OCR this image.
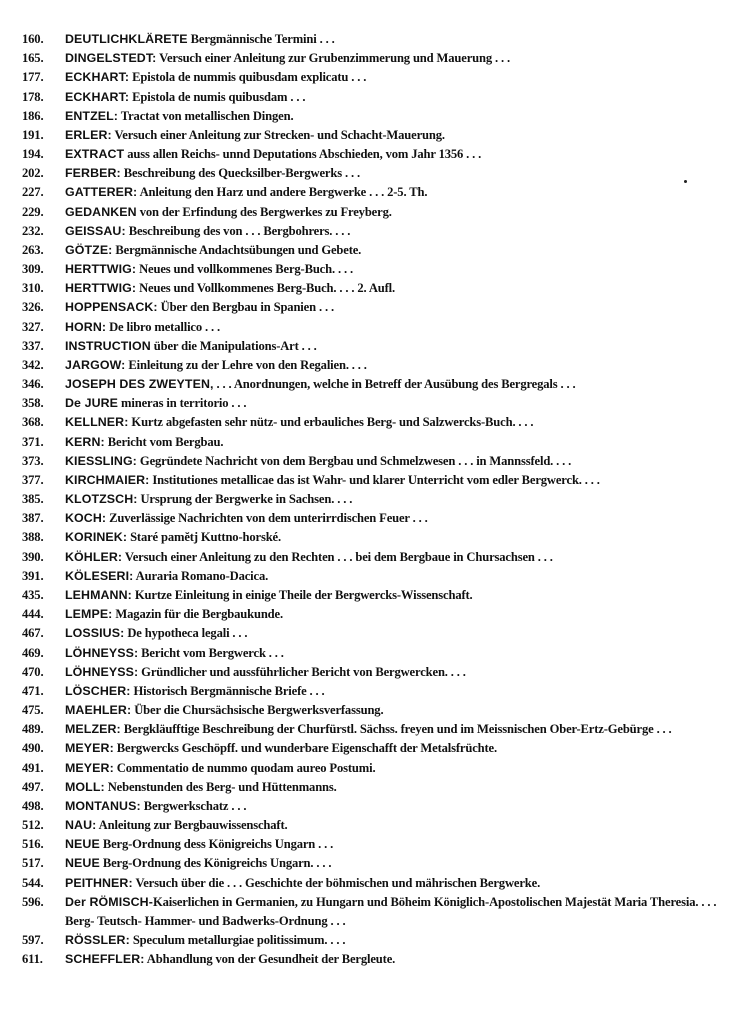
160.	DEUTLICHKLÄRETE Bergmännische Termini . . .
165.	DINGELSTEDT: Versuch einer Anleitung zur Grubenzimmerung und Mauerung . . .
177.	ECKHART: Epistola de nummis quibusdam explicatu . . .
178.	ECKHART: Epistola de numis quibusdam . . .
186.	ENTZEL: Tractat von metallischen Dingen.
191.	ERLER: Versuch einer Anleitung zur Strecken- und Schacht-Mauerung.
194.	EXTRACT auss allen Reichs- unnd Deputations Abschieden, vom Jahr 1356 . . .
202.	FERBER: Beschreibung des Quecksilber-Bergwerks . . .
227.	GATTERER: Anleitung den Harz und andere Bergwerke . . . 2-5. Th.
229.	GEDANKEN von der Erfindung des Bergwerkes zu Freyberg.
232.	GEISSAU: Beschreibung des von . . . Bergbohrers. . . .
263.	GÖTZE: Bergmännische Andachtsübungen und Gebete.
309.	HERTTWIG: Neues und vollkommenes Berg-Buch. . . .
310.	HERTTWIG: Neues und Vollkommenes Berg-Buch. . . . 2. Aufl.
326.	HOPPENSACK: Über den Bergbau in Spanien . . .
327.	HORN: De libro metallico . . .
337.	INSTRUCTION über die Manipulations-Art . . .
342.	JARGOW: Einleitung zu der Lehre von den Regalien. . . .
346.	JOSEPH DES ZWEYTEN, . . . Anordnungen, welche in Betreff der Ausübung des Bergregals . . .
358.	De JURE mineras in territorio . . .
368.	KELLNER: Kurtz abgefasten sehr nütz- und erbauliches Berg- und Salzwercks-Buch. . . .
371.	KERN: Bericht vom Bergbau.
373.	KIESSLING: Gegründete Nachricht von dem Bergbau und Schmelzwesen . . . in Mannssfeld. . . .
377.	KIRCHMAIER: Institutiones metallicae das ist Wahr- und klarer Unterricht vom edler Bergwerck. . . .
385.	KLOTZSCH: Ursprung der Bergwerke in Sachsen. . . .
387.	KOCH: Zuverlässige Nachrichten von dem unterirrdischen Feuer . . .
388.	KORINEK: Staré pamĕtj Kuttno-horské.
390.	KÖHLER: Versuch einer Anleitung zu den Rechten . . . bei dem Bergbaue in Chursachsen . . .
391.	KÖLESERI: Auraria Romano-Dacica.
435.	LEHMANN: Kurtze Einleitung in einige Theile der Bergwercks-Wissenschaft.
444.	LEMPE: Magazin für die Bergbaukunde.
467.	LOSSIUS: De hypotheca legali . . .
469.	LÖHNEYSS: Bericht vom Bergwerck . . .
470.	LÖHNEYSS: Gründlicher und aussführlicher Bericht von Bergwercken. . . .
471.	LÖSCHER: Historisch Bergmännische Briefe . . .
475.	MAEHLER: Über die Chursächsische Bergwerksverfassung.
489.	MELZER: Bergkläufftige Beschreibung der Churfürstl. Sächss. freyen und im Meissnischen Ober-Ertz-Gebürge . . .
490.	MEYER: Bergwercks Geschöpff. und wunderbare Eigenschafft der Metalsfrüchte.
491.	MEYER: Commentatio de nummo quodam aureo Postumi.
497.	MOLL: Nebenstunden des Berg- und Hüttenmanns.
498.	MONTANUS: Bergwerkschatz . . .
512.	NAU: Anleitung zur Bergbauwissenschaft.
516.	NEUE Berg-Ordnung dess Königreichs Ungarn . . .
517.	NEUE Berg-Ordnung des Königreichs Ungarn. . . .
544.	PEITHNER: Versuch über die . . . Geschichte der böhmischen und mährischen Bergwerke.
596.	Der RÖMISCH-Kaiserlichen in Germanien, zu Hungarn und Böheim Königlich-Apostolischen Majestät Maria Theresia. . . . Berg- Teutsch- Hammer- und Badwerks-Ordnung . . .
597.	RÖSSLER: Speculum metallurgiae politissimum. . . .
611.	SCHEFFLER: Abhandlung von der Gesundheit der Bergleute.
